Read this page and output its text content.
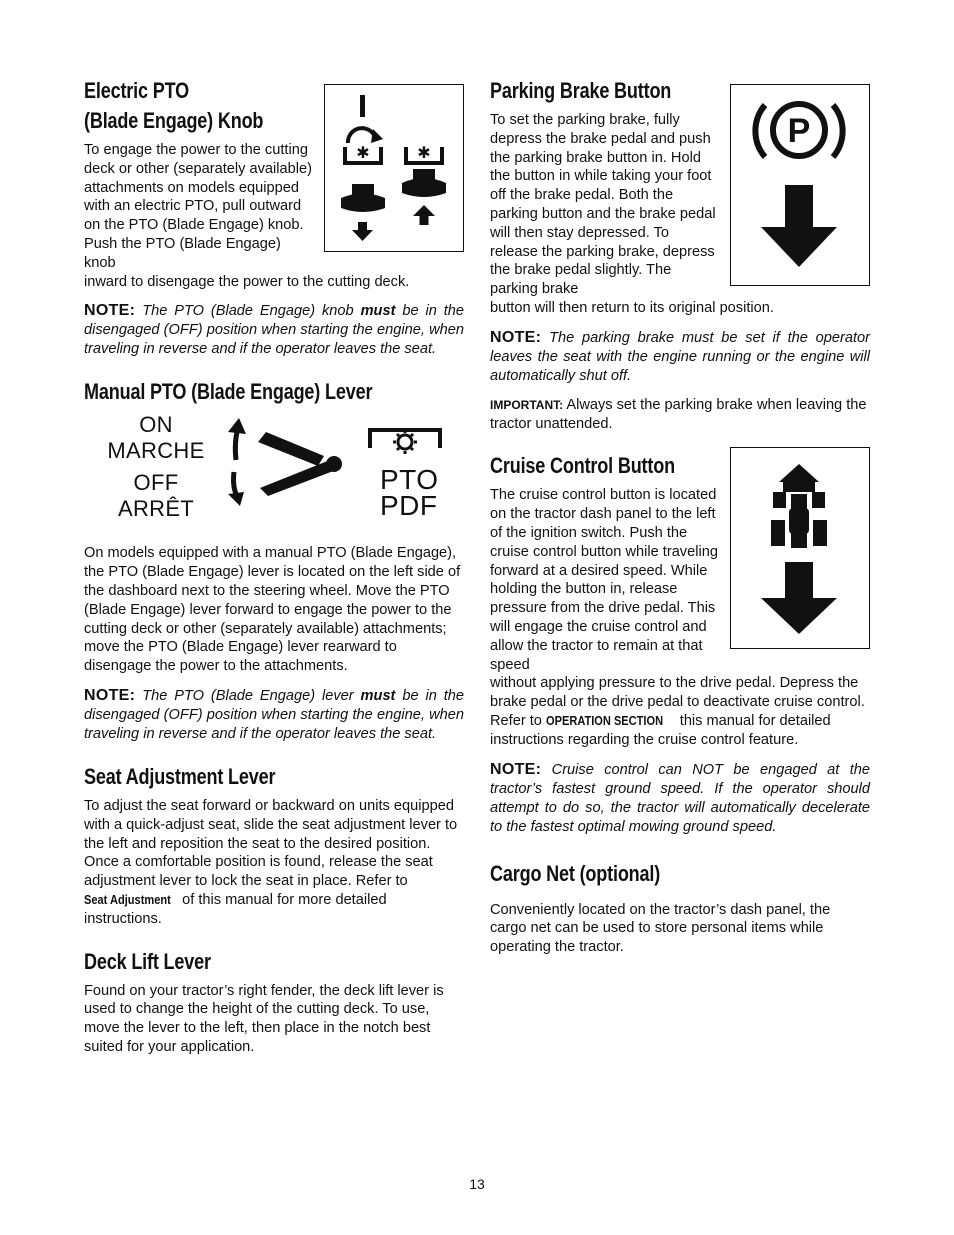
✱	✱
Electric PTO
(Blade Engage) Knob

To engage the power to the cutting deck or other (separately available) attachments on models equipped with an electric PTO, pull outward on the PTO (Blade Engage) knob. Push the PTO (Blade Engage) knob

inward to disengage the power to the cutting deck.

NOTE: The PTO (Blade Engage) knob must be in the disengaged (OFF) position when starting the engine, when traveling in reverse and if the operator leaves the seat.

Manual PTO (Blade Engage) Lever
ON
MARCHE
OFF
ARRÊT
PTO
PDF

On models equipped with a manual PTO (Blade Engage), the PTO (Blade Engage) lever is located on the left side of the dashboard next to the steering wheel. Move the PTO (Blade Engage) lever forward to engage the power to the cutting deck or other (separately available) attachments; move the PTO (Blade Engage) lever rearward to disengage the power to the attachments.

NOTE: The PTO (Blade Engage) lever must be in the disengaged (OFF) position when starting the engine, when traveling in reverse and if the operator leaves the seat.

Seat Adjustment Lever

To adjust the seat forward or backward on units equipped with a quick-adjust seat, slide the seat adjustment lever to the left and reposition the seat to the desired position. Once a comfortable position is found, release the seat adjustment lever to lock the seat in place. Refer to Seat Adjustment of this manual for more detailed instructions.

Deck Lift Lever

Found on your tractor’s right fender, the deck lift lever is used to change the height of the cutting deck. To use, move the lever to the left, then place in the notch best suited for your application.

P
Parking Brake Button

To set the parking brake, fully depress the brake pedal and push the parking brake button in. Hold the button in while taking your foot off the brake pedal. Both the parking button and the brake pedal will then stay depressed. To release the parking brake, depress the brake pedal slightly. The parking brake

button will then return to its original position.

NOTE: The parking brake must be set if the operator leaves the seat with the engine running or the engine will automatically shut off.

IMPORTANT: Always set the parking brake when leaving the tractor unattended.

Cruise Control Button

The cruise control button is located on the tractor dash panel to the left of the ignition switch. Push the cruise control button while traveling forward at a desired speed. While holding the button in, release pressure from the drive pedal. This will engage the cruise control and allow the tractor to remain at that speed

without applying pressure to the drive pedal. Depress the brake pedal or the drive pedal to deactivate cruise control. Refer to OPERATION SECTION this manual for detailed instructions regarding the cruise control feature.

NOTE: Cruise control can NOT be engaged at the tractor’s fastest ground speed. If the operator should attempt to do so, the tractor will automatically decelerate to the fastest optimal mowing ground speed.

Cargo Net (optional)

Conveniently located on the tractor’s dash panel, the cargo net can be used to store personal items while operating the tractor.

13
